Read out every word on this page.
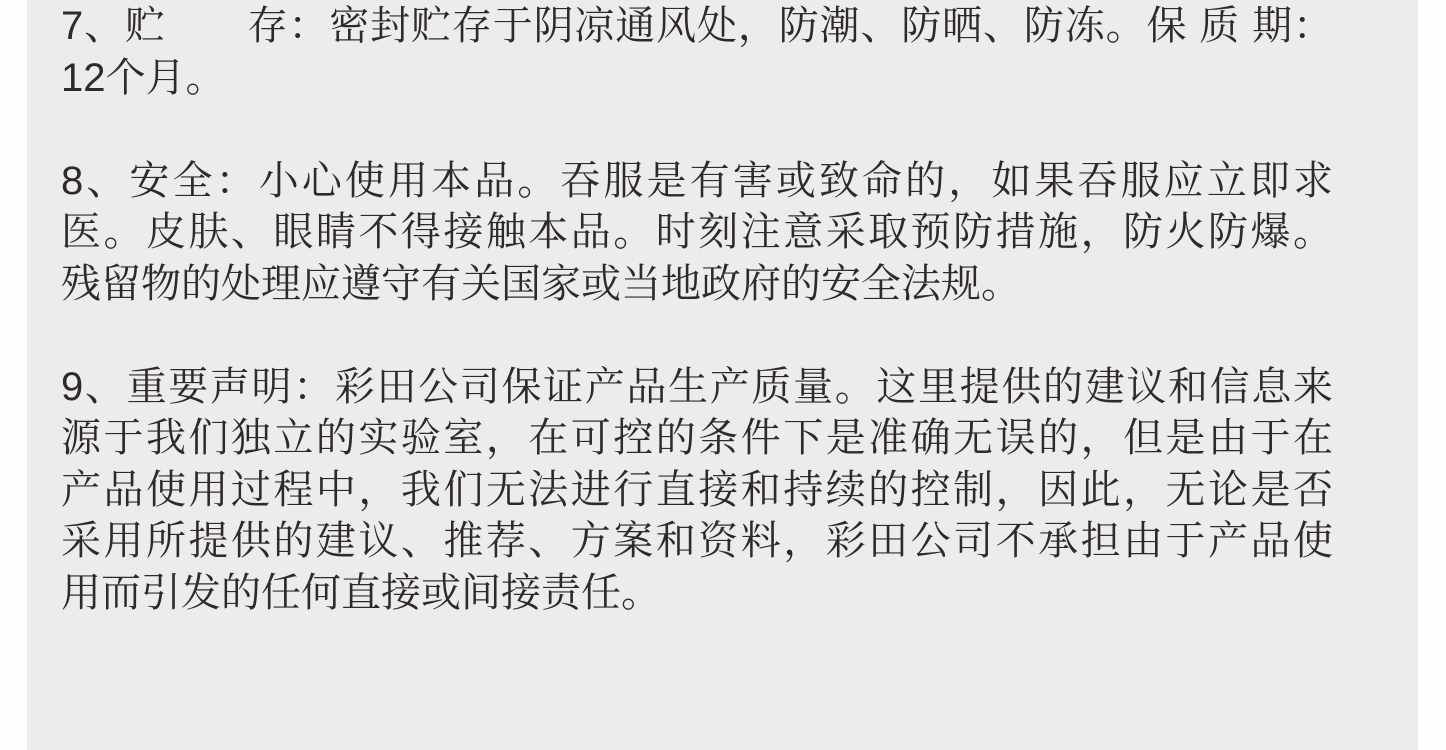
7、贮　　存：密封贮存于阴凉通风处，防潮、防晒、防冻。保 质 期：
12个月。
8、安全：小心使用本品。吞服是有害或致命的，如果吞服应立即求
医。皮肤、眼睛不得接触本品。时刻注意采取预防措施，防火防爆。
残留物的处理应遵守有关国家或当地政府的安全法规。
9、重要声明：彩田公司保证产品生产质量。这里提供的建议和信息来
源于我们独立的实验室，在可控的条件下是准确无误的，但是由于在
产品使用过程中，我们无法进行直接和持续的控制，因此，无论是否
采用所提供的建议、推荐、方案和资料，彩田公司不承担由于产品使
用而引发的任何直接或间接责任。
